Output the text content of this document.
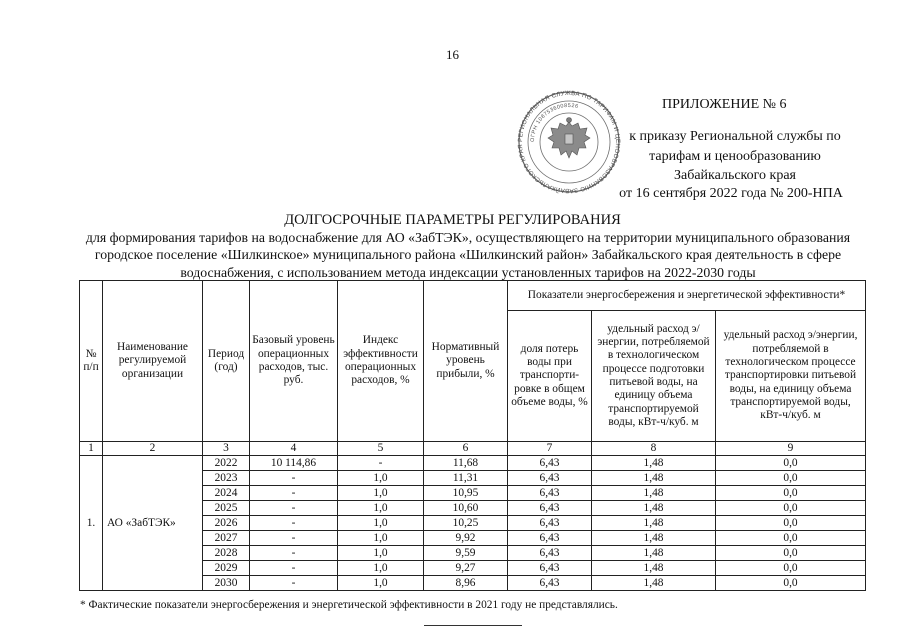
16
РЕГИОНАЛЬНАЯ СЛУЖБА ПО ТАРИФАМ И ЦЕНООБРАЗОВАНИЮ ЗАБАЙКАЛЬСКОГО КРАЯ
ОГРН 1087536008526	ПРИЛОЖЕНИЕ № 6
к приказу Региональной службы по
тарифам и ценообразованию
Забайкальского края
от 16 сентября 2022 года № 200-НПА
ДОЛГОСРОЧНЫЕ ПАРАМЕТРЫ РЕГУЛИРОВАНИЯ
для формирования тарифов на водоснабжение для АО «ЗабТЭК», осуществляющего на территории муниципального образования городское поселение «Шилкинское» муниципального района «Шилкинский район» Забайкальского края деятельность в сфере водоснабжения, с использованием метода индексации установленных тарифов на 2022-2030 годы
№ п/п	Наименование регулируемой организации	Период (год)	Базовый уровень операционных расходов, тыс. руб.	Индекс эффективности операционных расходов, %	Нормативный уровень прибыли, %	Показатели энергосбережения и энергетической эффективности*		
						доля потерь воды при транспорти-ровке в общем объеме воды, %	удельный расход э/энергии, потребляемой в технологическом процессе подготовки питьевой воды, на единицу объема транспортируемой воды, кВт-ч/куб. м	удельный расход э/энергии, потребляемой в технологическом процессе транспортировки питьевой воды, на единицу объема транспортируемой воды, кВт-ч/куб. м
1	2	3	4	5	6	7	8	9
1.	АО «ЗабТЭК»	2022	10 114,86	-	11,68	6,43	1,48	0,0
		2023	-	1,0	11,31	6,43	1,48	0,0
		2024	-	1,0	10,95	6,43	1,48	0,0
		2025	-	1,0	10,60	6,43	1,48	0,0
		2026	-	1,0	10,25	6,43	1,48	0,0
		2027	-	1,0	9,92	6,43	1,48	0,0
		2028	-	1,0	9,59	6,43	1,48	0,0
		2029	-	1,0	9,27	6,43	1,48	0,0
		2030	-	1,0	8,96	6,43	1,48	0,0
* Фактические показатели энергосбережения и энергетической эффективности в 2021 году не представлялись.
